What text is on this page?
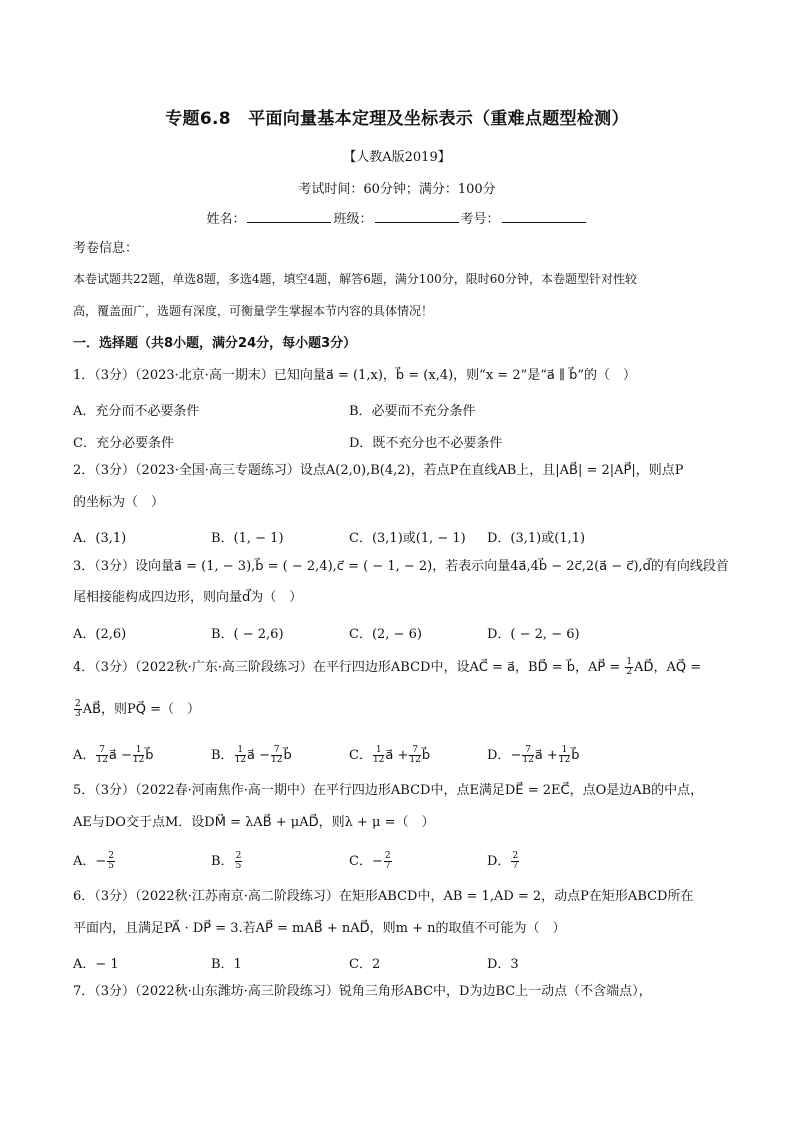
专题6.8　平面向量基本定理及坐标表示（重难点题型检测）
【人教A版2019】
考试时间：60分钟；满分：100分
姓名：	班级：	考号：
考卷信息：
本卷试题共22题，单选8题，多选4题，填空4题，解答6题，满分100分，限时60分钟，本卷题型针对性较
高，覆盖面广，选题有深度，可衡量学生掌握本节内容的具体情况！
一．选择题（共8小题，满分24分，每小题3分）
1．（3分）（2023·北京·高一期末）已知向量a⃗ = (1,x)，b⃗ = (x,4)，则“x = 2”是“a⃗ ∥ b⃗”的（　）
A．充分而不必要条件	B．必要而不充分条件
C．充分必要条件	D．既不充分也不必要条件
2．（3分）（2023·全国·高三专题练习）设点A(2,0),B(4,2)，若点P在直线AB上，且|AB⃗| = 2|AP⃗|，则点P
的坐标为（　）
A．(3,1)	B．(1, − 1)	C．(3,1)或(1, − 1) D．(3,1)或(1,1)
3．（3分）设向量a⃗ = (1, − 3),b⃗ = ( − 2,4),c⃗ = ( − 1, − 2)，若表示向量4a⃗,4b⃗ − 2c⃗,2(a⃗ − c⃗),d⃗的有向线段首
尾相接能构成四边形，则向量d⃗为（　）
A．(2,6)	B．( − 2,6)	C．(2, − 6)	D．( − 2, − 6)
4．（3分）（2022秋·广东·高三阶段练习）在平行四边形ABCD中，设AC⃗ = a⃗，BD⃗ = b⃗，AP⃗ = $\frac{1}{2}$ AD⃗，AQ⃗ =
$\frac{2}{3}$ AB⃗，则PQ⃗ =（　）
A． $\frac{7}{12}$ a⃗ − $\frac{1}{12}$ b⃗	B． $\frac{1}{12}$ a⃗ − $\frac{7}{12}$ b⃗	C． $\frac{1}{12}$ a⃗ + $\frac{7}{12}$ b⃗	D．− $\frac{7}{12}$ a⃗ + $\frac{1}{12}$ b⃗
5．（3分）（2022春·河南焦作·高一期中）在平行四边形ABCD中，点E满足DE⃗ = 2EC⃗，点O是边AB的中点，
AE与DO交于点M．设DM⃗ = λAB⃗ + μAD⃗，则λ + μ =（　）
A．− $\frac{2}{5}$	B． $\frac{2}{5}$	C．− $\frac{2}{7}$	D． $\frac{2}{7}$
6．（3分）（2022秋·江苏南京·高二阶段练习）在矩形ABCD中，AB = 1,AD = 2，动点P在矩形ABCD所在
平面内，且满足PA⃗ · DP⃗ = 3.若AP⃗ = mAB⃗ + nAD⃗，则m + n的取值不可能为（　）
A．− 1	B．1	C．2	D．3
7．（3分）（2022秋·山东潍坊·高三阶段练习）锐角三角形ABC中，D为边BC上一动点（不含端点），
